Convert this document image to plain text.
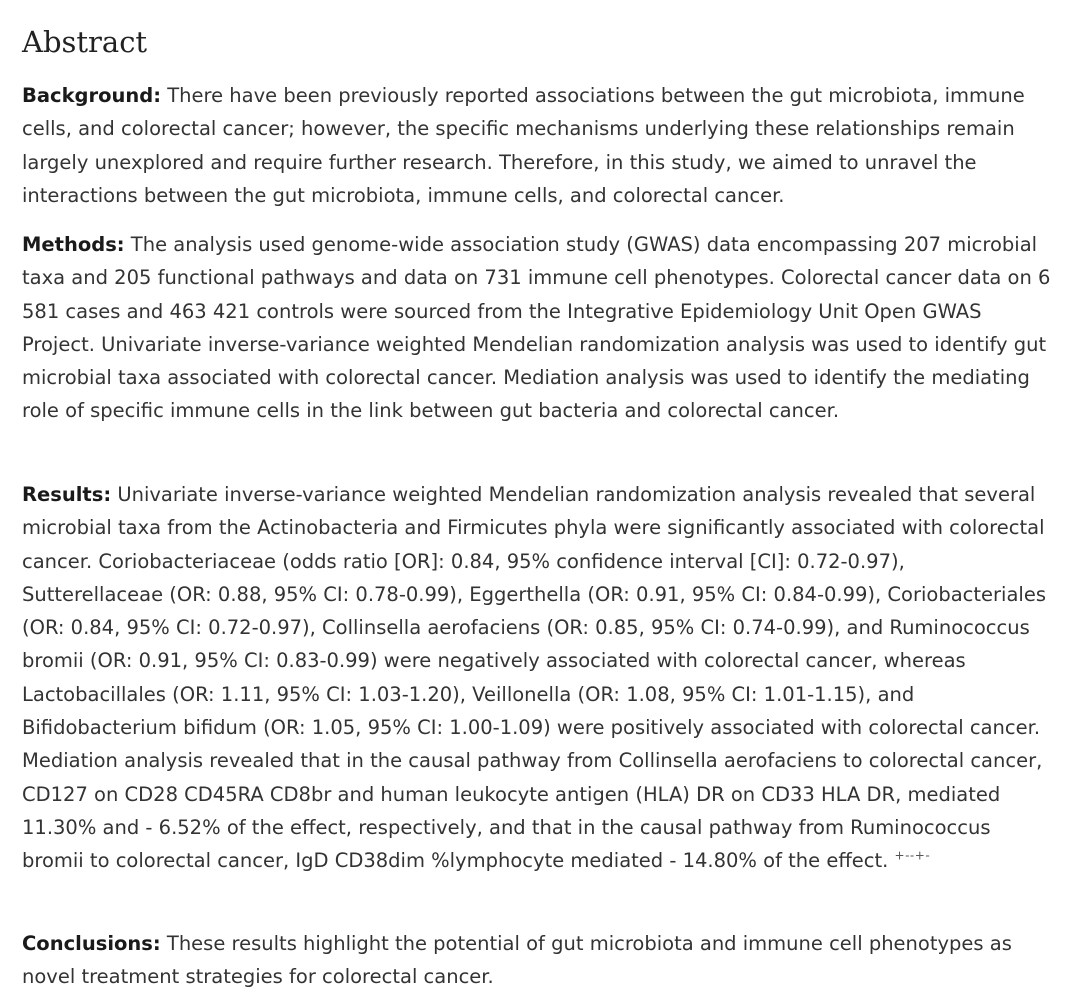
Abstract

Background: There have been previously reported associations between the gut microbiota, immune cells, and colorectal cancer; however, the specific mechanisms underlying these relationships remain largely unexplored and require further research. Therefore, in this study, we aimed to unravel the interactions between the gut microbiota, immune cells, and colorectal cancer.

Methods: The analysis used genome-wide association study (GWAS) data encompassing 207 microbial taxa and 205 functional pathways and data on 731 immune cell phenotypes. Colorectal cancer data on 6 581 cases and 463 421 controls were sourced from the Integrative Epidemiology Unit Open GWAS Project. Univariate inverse-variance weighted Mendelian randomization analysis was used to identify gut microbial taxa associated with colorectal cancer. Mediation analysis was used to identify the mediating role of specific immune cells in the link between gut bacteria and colorectal cancer.

Results: Univariate inverse-variance weighted Mendelian randomization analysis revealed that several microbial taxa from the Actinobacteria and Firmicutes phyla were significantly associated with colorectal cancer. Coriobacteriaceae (odds ratio [OR]: 0.84, 95% confidence interval [CI]: 0.72-0.97), Sutterellaceae (OR: 0.88, 95% CI: 0.78-0.99), Eggerthella (OR: 0.91, 95% CI: 0.84-0.99), Coriobacteriales (OR: 0.84, 95% CI: 0.72-0.97), Collinsella aerofaciens (OR: 0.85, 95% CI: 0.74-0.99), and Ruminococcus bromii (OR: 0.91, 95% CI: 0.83-0.99) were negatively associated with colorectal cancer, whereas Lactobacillales (OR: 1.11, 95% CI: 1.03-1.20), Veillonella (OR: 1.08, 95% CI: 1.01-1.15), and Bifidobacterium bifidum (OR: 1.05, 95% CI: 1.00-1.09) were positively associated with colorectal cancer. Mediation analysis revealed that in the causal pathway from Collinsella aerofaciens to colorectal cancer, CD127 on CD28 CD45RA CD8br and human leukocyte antigen (HLA) DR on CD33 HLA DR, mediated 11.30% and - 6.52% of the effect, respectively, and that in the causal pathway from Ruminococcus bromii to colorectal cancer, IgD CD38dim %lymphocyte mediated - 14.80% of the effect. +--+-

Conclusions: These results highlight the potential of gut microbiota and immune cell phenotypes as novel treatment strategies for colorectal cancer.
